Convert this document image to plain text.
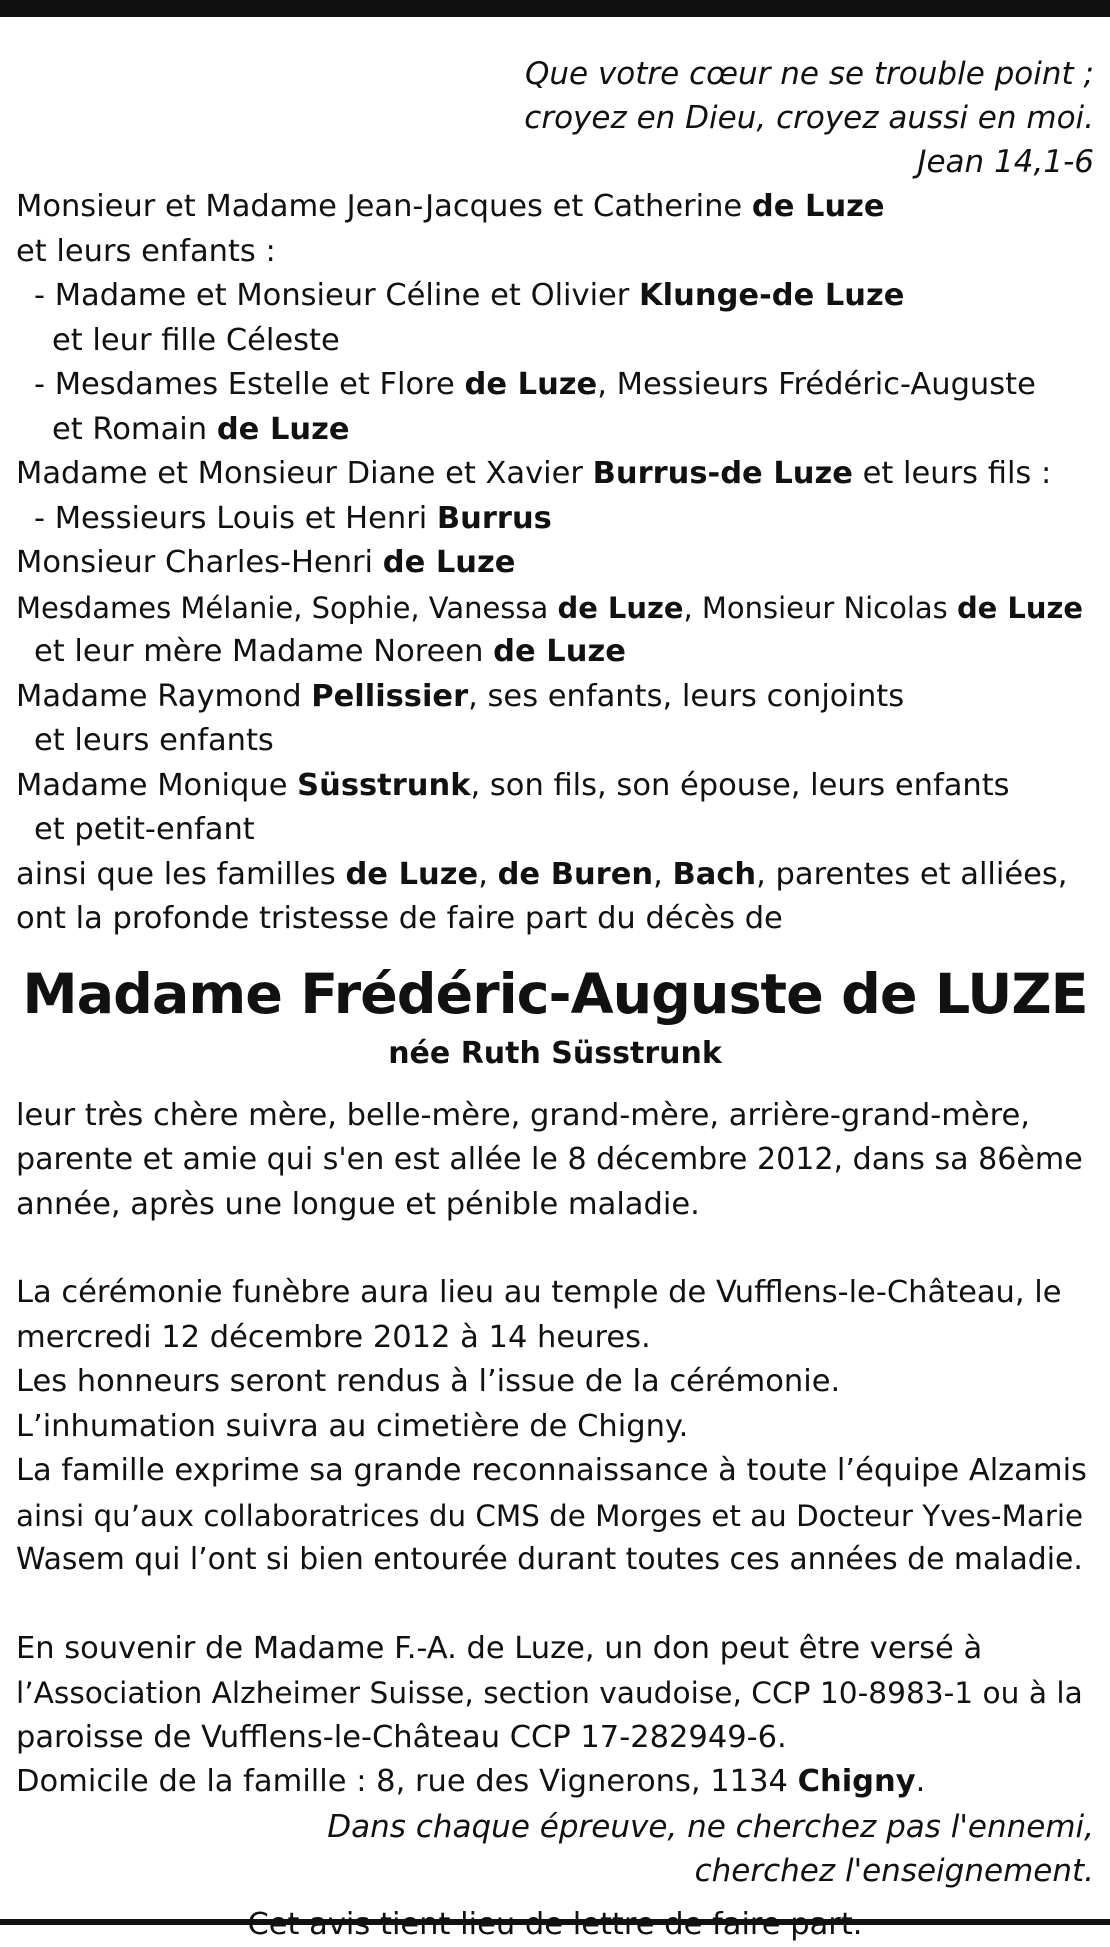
Que votre cœur ne se trouble point ;
croyez en Dieu, croyez aussi en moi.
Jean 14,1-6
Monsieur et Madame Jean-Jacques et Catherine de Luze
et leurs enfants :
- Madame et Monsieur Céline et Olivier Klunge-de Luze
et leur fille Céleste
- Mesdames Estelle et Flore de Luze, Messieurs Frédéric-Auguste
et Romain de Luze
Madame et Monsieur Diane et Xavier Burrus-de Luze et leurs fils :
- Messieurs Louis et Henri Burrus
Monsieur Charles-Henri de Luze
Mesdames Mélanie, Sophie, Vanessa de Luze, Monsieur Nicolas de Luze
et leur mère Madame Noreen de Luze
Madame Raymond Pellissier, ses enfants, leurs conjoints
et leurs enfants
Madame Monique Süsstrunk, son fils, son épouse, leurs enfants
et petit-enfant
ainsi que les familles de Luze, de Buren, Bach, parentes et alliées,
ont la profonde tristesse de faire part du décès de
Madame Frédéric-Auguste de LUZE
née Ruth Süsstrunk
leur très chère mère, belle-mère, grand-mère, arrière-grand-mère,
parente et amie qui s'en est allée le 8 décembre 2012, dans sa 86ème
année, après une longue et pénible maladie.
La cérémonie funèbre aura lieu au temple de Vufflens-le-Château, le
mercredi 12 décembre 2012 à 14 heures.
Les honneurs seront rendus à l’issue de la cérémonie.
L’inhumation suivra au cimetière de Chigny.
La famille exprime sa grande reconnaissance à toute l’équipe Alzamis
ainsi qu’aux collaboratrices du CMS de Morges et au Docteur Yves-Marie
Wasem qui l’ont si bien entourée durant toutes ces années de maladie.
En souvenir de Madame F.-A. de Luze, un don peut être versé à
l’Association Alzheimer Suisse, section vaudoise, CCP 10-8983-1 ou à la
paroisse de Vufflens-le-Château CCP 17-282949-6.
Domicile de la famille : 8, rue des Vignerons, 1134 Chigny.
Dans chaque épreuve, ne cherchez pas l'ennemi,
cherchez l'enseignement.
